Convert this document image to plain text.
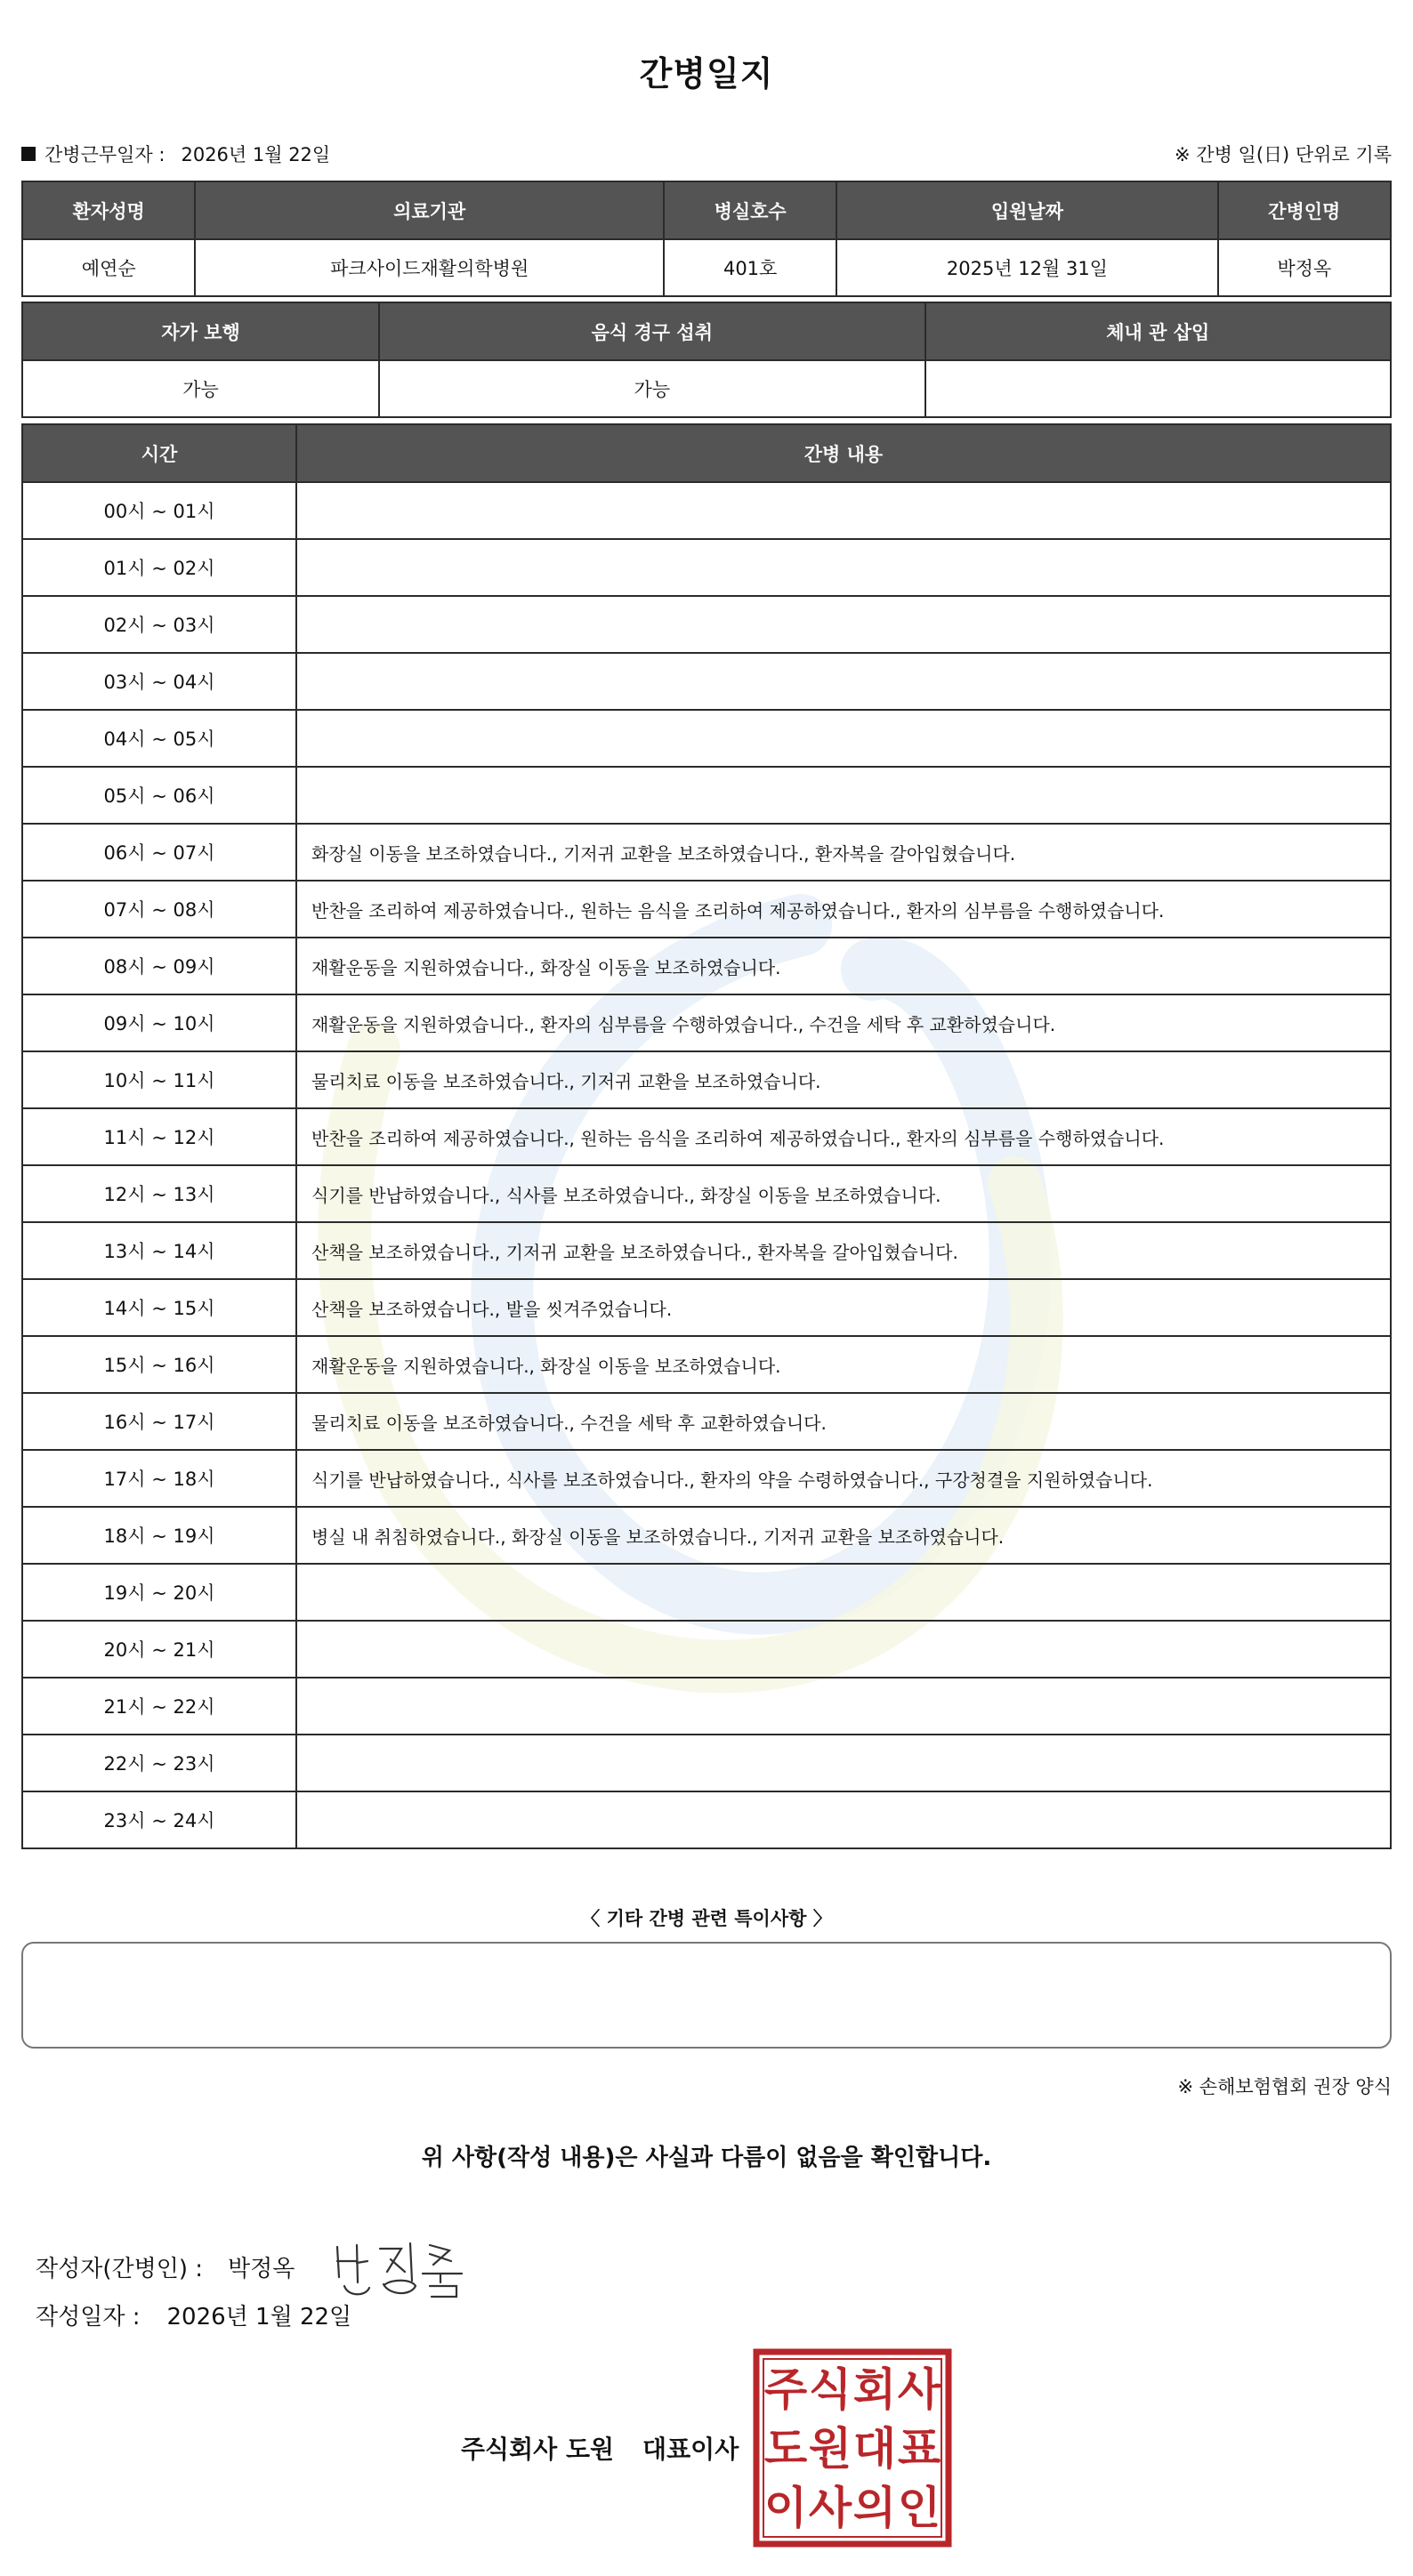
간병일지
간병근무일자 : 2026년 1월 22일	※ 간병 일(日) 단위로 기록
환자성명	의료기관	병실호수	입원날짜	간병인명
예연순	파크사이드재활의학병원	401호	2025년 12월 31일	박정옥
자가 보행	음식 경구 섭취	체내 관 삽입
가능	가능	
시간	간병 내용
00시 ~ 01시	
01시 ~ 02시	
02시 ~ 03시	
03시 ~ 04시	
04시 ~ 05시	
05시 ~ 06시	
06시 ~ 07시	화장실 이동을 보조하였습니다., 기저귀 교환을 보조하였습니다., 환자복을 갈아입혔습니다.
07시 ~ 08시	반찬을 조리하여 제공하였습니다., 원하는 음식을 조리하여 제공하였습니다., 환자의 심부름을 수행하였습니다.
08시 ~ 09시	재활운동을 지원하였습니다., 화장실 이동을 보조하였습니다.
09시 ~ 10시	재활운동을 지원하였습니다., 환자의 심부름을 수행하였습니다., 수건을 세탁 후 교환하였습니다.
10시 ~ 11시	물리치료 이동을 보조하였습니다., 기저귀 교환을 보조하였습니다.
11시 ~ 12시	반찬을 조리하여 제공하였습니다., 원하는 음식을 조리하여 제공하였습니다., 환자의 심부름을 수행하였습니다.
12시 ~ 13시	식기를 반납하였습니다., 식사를 보조하였습니다., 화장실 이동을 보조하였습니다.
13시 ~ 14시	산책을 보조하였습니다., 기저귀 교환을 보조하였습니다., 환자복을 갈아입혔습니다.
14시 ~ 15시	산책을 보조하였습니다., 발을 씻겨주었습니다.
15시 ~ 16시	재활운동을 지원하였습니다., 화장실 이동을 보조하였습니다.
16시 ~ 17시	물리치료 이동을 보조하였습니다., 수건을 세탁 후 교환하였습니다.
17시 ~ 18시	식기를 반납하였습니다., 식사를 보조하였습니다., 환자의 약을 수령하였습니다., 구강청결을 지원하였습니다.
18시 ~ 19시	병실 내 취침하였습니다., 화장실 이동을 보조하였습니다., 기저귀 교환을 보조하였습니다.
19시 ~ 20시	
20시 ~ 21시	
21시 ~ 22시	
22시 ~ 23시	
23시 ~ 24시	
〈 기타 간병 관련 특이사항 〉
※ 손해보험협회 권장 양식
위 사항(작성 내용)은 사실과 다름이 없음을 확인합니다.
작성자(간병인) : 박정옥
작성일자 : 2026년 1월 22일
주식회사 도원 대표이사
주 식 회 사
도 원 대 표
이 사 의 인
